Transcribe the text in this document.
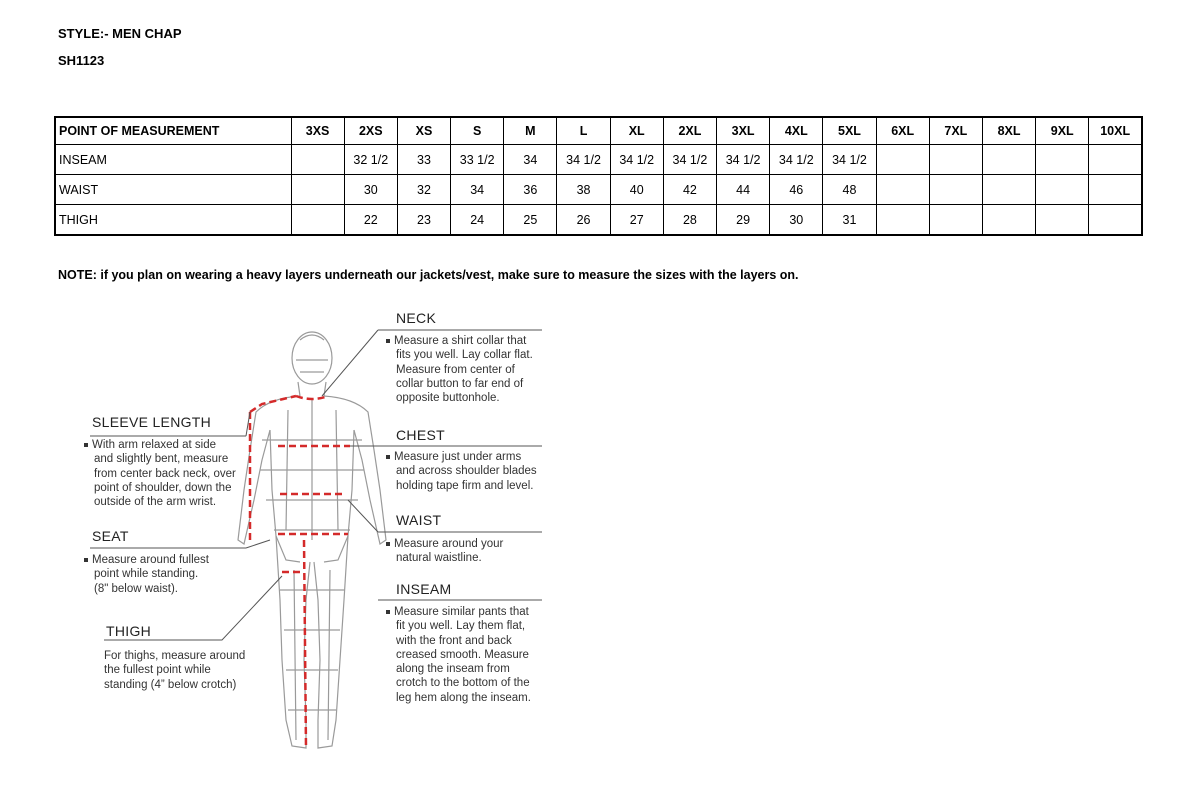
STYLE:- MEN CHAP
SH1123
POINT OF MEASUREMENT	3XS	2XS	XS	S	M	L	XL	2XL	3XL	4XL	5XL	6XL	7XL	8XL	9XL	10XL
INSEAM		32 1/2	33	33 1/2	34	34 1/2	34 1/2	34 1/2	34 1/2	34 1/2	34 1/2					
WAIST		30	32	34	36	38	40	42	44	46	48					
THIGH		22	23	24	25	26	27	28	29	30	31					
NOTE: if you plan on wearing a heavy layers underneath our jackets/vest, make sure to measure the sizes with the layers on.
NECK
Measure a shirt collar that
fits you well. Lay collar flat.
Measure from center of
collar button to far end of
opposite buttonhole.
CHEST
Measure just under arms
and across shoulder blades
holding tape firm and level.
WAIST
Measure around your
natural waistline.
INSEAM
Measure similar pants that
fit you well. Lay them flat,
with the front and back
creased smooth. Measure
along the inseam from
crotch to the bottom of the
leg hem along the inseam.
SLEEVE LENGTH
With arm relaxed at side
and slightly bent, measure
from center back neck, over
point of shoulder, down the
outside of the arm wrist.
SEAT
Measure around fullest
point while standing.
(8" below waist).
THIGH
For thighs, measure around
the fullest point while
standing (4” below crotch)
